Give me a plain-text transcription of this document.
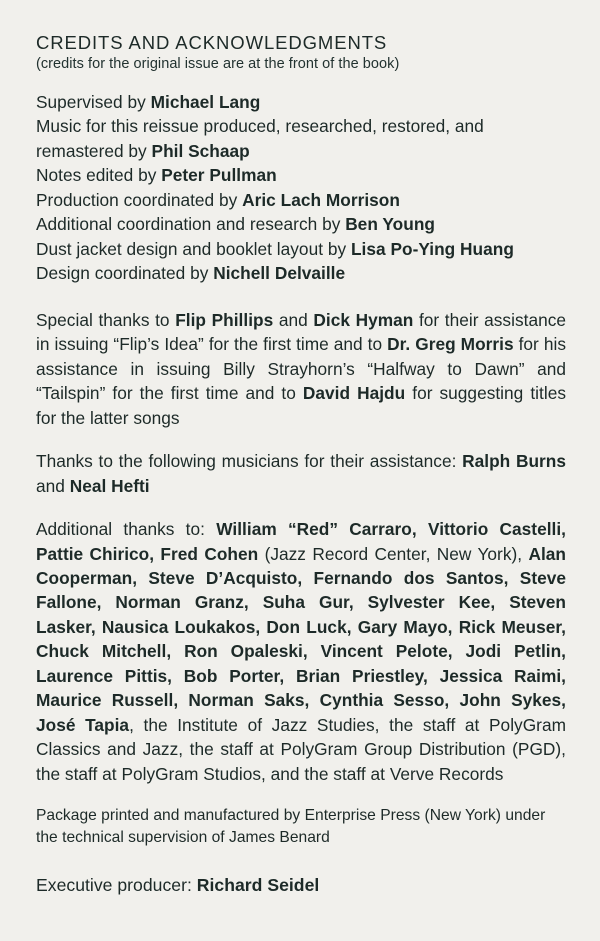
CREDITS AND ACKNOWLEDGMENTS
(credits for the original issue are at the front of the book)
Supervised by Michael Lang
Music for this reissue produced, researched, restored, and remastered by Phil Schaap
Notes edited by Peter Pullman
Production coordinated by Aric Lach Morrison
Additional coordination and research by Ben Young
Dust jacket design and booklet layout by Lisa Po-Ying Huang
Design coordinated by Nichell Delvaille
Special thanks to Flip Phillips and Dick Hyman for their assistance in issuing “Flip’s Idea” for the first time and to Dr. Greg Morris for his assistance in issuing Billy Strayhorn’s “Halfway to Dawn” and “Tailspin” for the first time and to David Hajdu for suggesting titles for the latter songs
Thanks to the following musicians for their assistance: Ralph Burns and Neal Hefti
Additional thanks to: William “Red” Carraro, Vittorio Castelli, Pattie Chirico, Fred Cohen (Jazz Record Center, New York), Alan Cooperman, Steve D’Acquisto, Fernando dos Santos, Steve Fallone, Norman Granz, Suha Gur, Sylvester Kee, Steven Lasker, Nausica Loukakos, Don Luck, Gary Mayo, Rick Meuser, Chuck Mitchell, Ron Opaleski, Vincent Pelote, Jodi Petlin, Laurence Pittis, Bob Porter, Brian Priestley, Jessica Raimi, Maurice Russell, Norman Saks, Cynthia Sesso, John Sykes, José Tapia, the Institute of Jazz Studies, the staff at PolyGram Classics and Jazz, the staff at PolyGram Group Distribution (PGD), the staff at PolyGram Studios, and the staff at Verve Records
Package printed and manufactured by Enterprise Press (New York) under the technical supervision of James Benard
Executive producer: Richard Seidel
